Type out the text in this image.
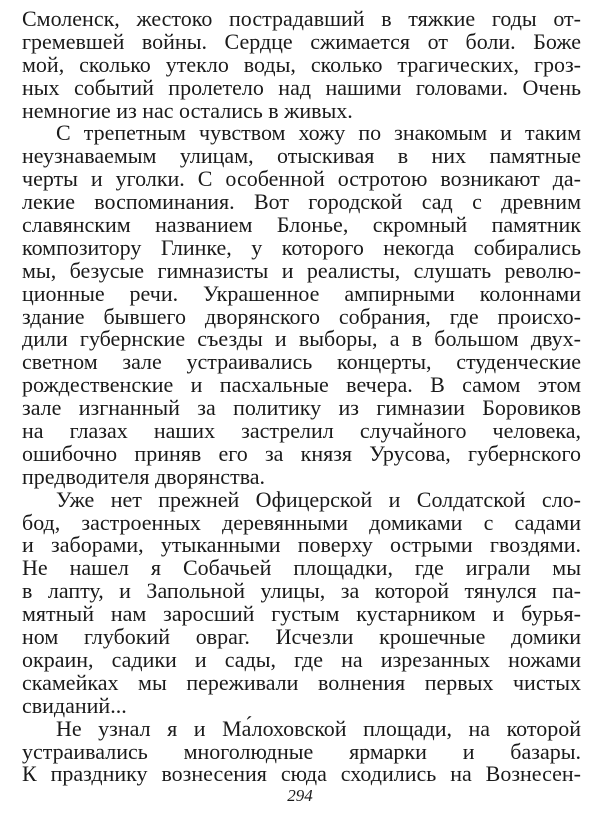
Смоленск, жестоко пострадавший в тяжкие годы от-
гремевшей войны. Сердце сжимается от боли. Боже
мой, сколько утекло воды, сколько трагических, гроз-
ных событий пролетело над нашими головами. Очень
немногие из нас остались в живых.
С трепетным чувством хожу по знакомым и таким
неузнаваемым улицам, отыскивая в них памятные
черты и уголки. С особенной остротою возникают да-
лекие воспоминания. Вот городской сад с древним
славянским названием Блонье, скромный памятник
композитору Глинке, у которого некогда собирались
мы, безусые гимназисты и реалисты, слушать револю-
ционные речи. Украшенное ампирными колоннами
здание бывшего дворянского собрания, где происхо-
дили губернские съезды и выборы, а в большом двух-
светном зале устраивались концерты, студенческие
рождественские и пасхальные вечера. В самом этом
зале изгнанный за политику из гимназии Боровиков
на глазах наших застрелил случайного человека,
ошибочно приняв его за князя Урусова, губернского
предводителя дворянства.
Уже нет прежней Офицерской и Солдатской сло-
бод, застроенных деревянными домиками с садами
и заборами, утыканными поверху острыми гвоздями.
Не нашел я Собачьей площадки, где играли мы
в лапту, и Запольной улицы, за которой тянулся па-
мятный нам заросший густым кустарником и бурья-
ном глубокий овраг. Исчезли крошечные домики
окраин, садики и сады, где на изрезанных ножами
скамейках мы переживали волнения первых чистых
свиданий...
Не узнал я и Ма́лоховской площади, на которой
устраивались многолюдные ярмарки и базары.
К празднику вознесения сюда сходились на Вознесен-
294
